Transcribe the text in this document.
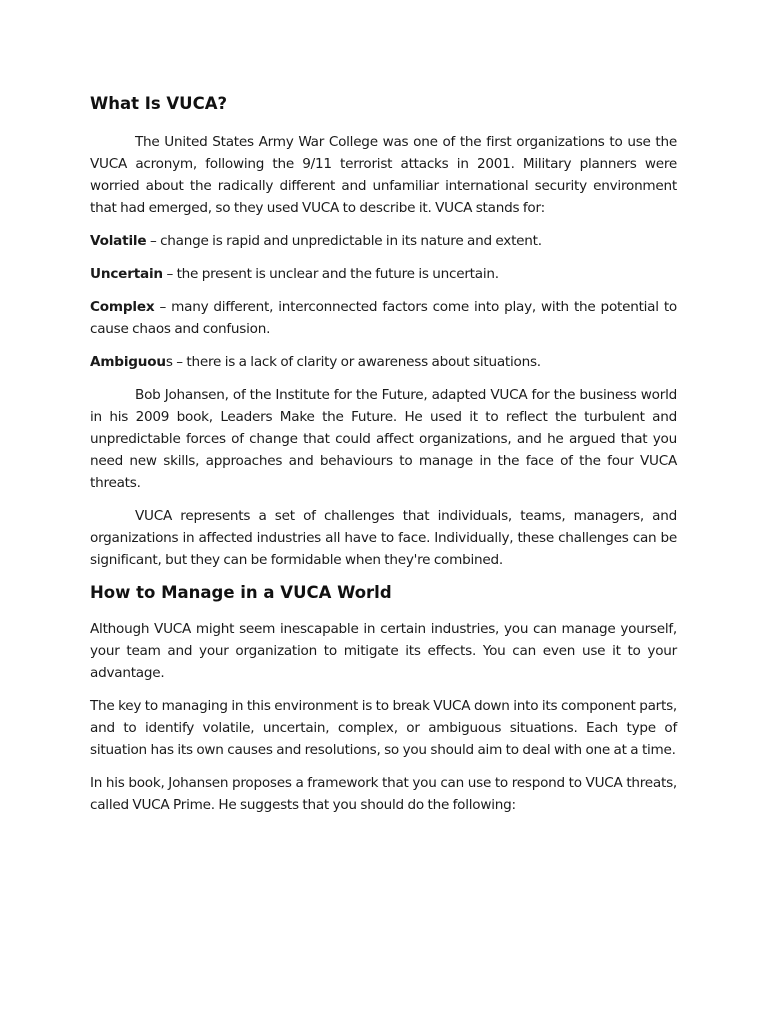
What Is VUCA?

The United States Army War College was one of the first organizations to use the VUCA acronym, following the 9/11 terrorist attacks in 2001. Military planners were worried about the radically different and unfamiliar international security environment that had emerged, so they used VUCA to describe it. VUCA stands for:

Volatile – change is rapid and unpredictable in its nature and extent.

Uncertain – the present is unclear and the future is uncertain.

Complex – many different, interconnected factors come into play, with the potential to cause chaos and confusion.

Ambiguous – there is a lack of clarity or awareness about situations.

Bob Johansen, of the Institute for the Future, adapted VUCA for the business world in his 2009 book, Leaders Make the Future. He used it to reflect the turbulent and unpredictable forces of change that could affect organizations, and he argued that you need new skills, approaches and behaviours to manage in the face of the four VUCA threats.

VUCA represents a set of challenges that individuals, teams, managers, and organizations in affected industries all have to face. Individually, these challenges can be significant, but they can be formidable when they're combined.

How to Manage in a VUCA World

Although VUCA might seem inescapable in certain industries, you can manage yourself, your team and your organization to mitigate its effects. You can even use it to your advantage.

The key to managing in this environment is to break VUCA down into its component parts, and to identify volatile, uncertain, complex, or ambiguous situations. Each type of situation has its own causes and resolutions, so you should aim to deal with one at a time.

In his book, Johansen proposes a framework that you can use to respond to VUCA threats, called VUCA Prime. He suggests that you should do the following:
